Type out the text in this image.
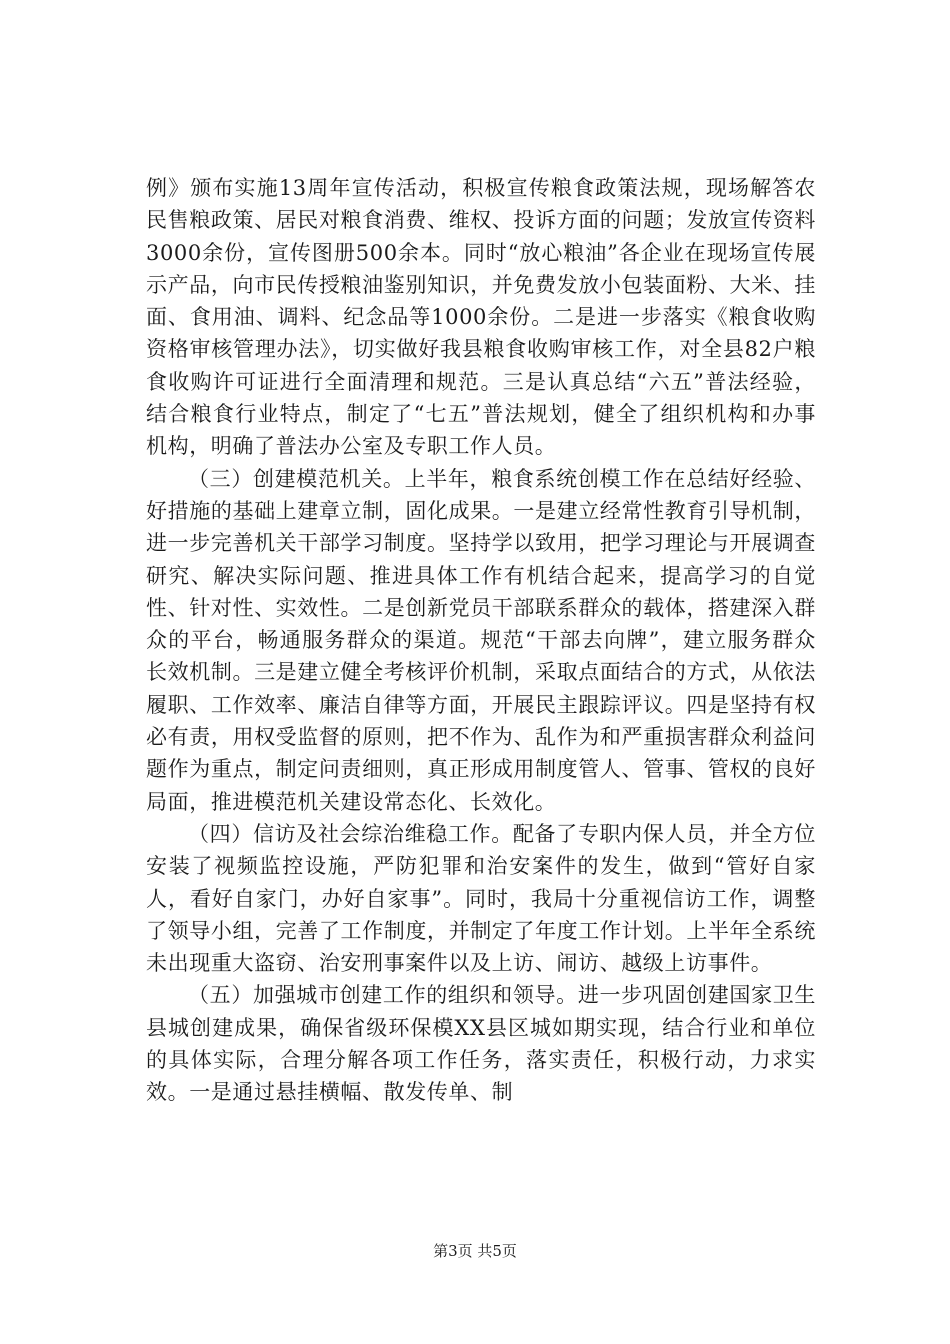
例》颁布实施13周年宣传活动，积极宣传粮食政策法规，现场解答农民售粮政策、居民对粮食消费、维权、投诉方面的问题；发放宣传资料3000余份，宣传图册500余本。同时“放心粮油”各企业在现场宣传展示产品，向市民传授粮油鉴别知识，并免费发放小包装面粉、大米、挂面、食用油、调料、纪念品等1000余份。二是进一步落实《粮食收购资格审核管理办法》，切实做好我县粮食收购审核工作，对全县82户粮食收购许可证进行全面清理和规范。三是认真总结“六五”普法经验，结合粮食行业特点，制定了“七五”普法规划，健全了组织机构和办事机构，明确了普法办公室及专职工作人员。

（三）创建模范机关。上半年，粮食系统创模工作在总结好经验、好措施的基础上建章立制，固化成果。一是建立经常性教育引导机制，进一步完善机关干部学习制度。坚持学以致用，把学习理论与开展调查研究、解决实际问题、推进具体工作有机结合起来，提高学习的自觉性、针对性、实效性。二是创新党员干部联系群众的载体，搭建深入群众的平台，畅通服务群众的渠道。规范“干部去向牌”，建立服务群众长效机制。三是建立健全考核评价机制，采取点面结合的方式，从依法履职、工作效率、廉洁自律等方面，开展民主跟踪评议。四是坚持有权必有责，用权受监督的原则，把不作为、乱作为和严重损害群众利益问题作为重点，制定问责细则，真正形成用制度管人、管事、管权的良好局面，推进模范机关建设常态化、长效化。

（四）信访及社会综治维稳工作。配备了专职内保人员，并全方位安装了视频监控设施，严防犯罪和治安案件的发生，做到“管好自家人，看好自家门，办好自家事”。同时，我局十分重视信访工作，调整了领导小组，完善了工作制度，并制定了年度工作计划。上半年全系统未出现重大盗窃、治安刑事案件以及上访、闹访、越级上访事件。

（五）加强城市创建工作的组织和领导。进一步巩固创建国家卫生县城创建成果，确保省级环保模XX县区城如期实现，结合行业和单位的具体实际，合理分解各项工作任务，落实责任，积极行动，力求实效。一是通过悬挂横幅、散发传单、制

第3页 共5页
